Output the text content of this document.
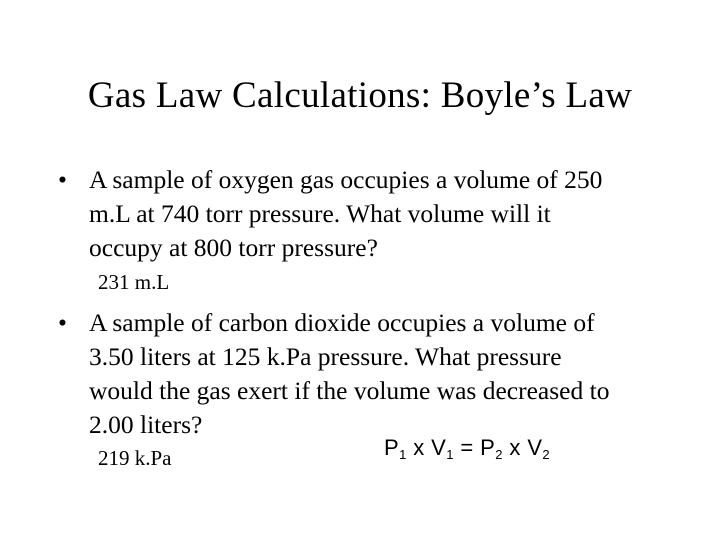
Gas Law Calculations: Boyle’s Law
• A sample of oxygen gas occupies a volume of 250
m.L at 740 torr pressure. What volume will it
occupy at 800 torr pressure?
231 m.L
• A sample of carbon dioxide occupies a volume of
3.50 liters at 125 k.Pa pressure. What pressure
would the gas exert if the volume was decreased to
2.00 liters?
219 k.Pa	$P_1$ x $V_1 = P_2$ x $V_2$
